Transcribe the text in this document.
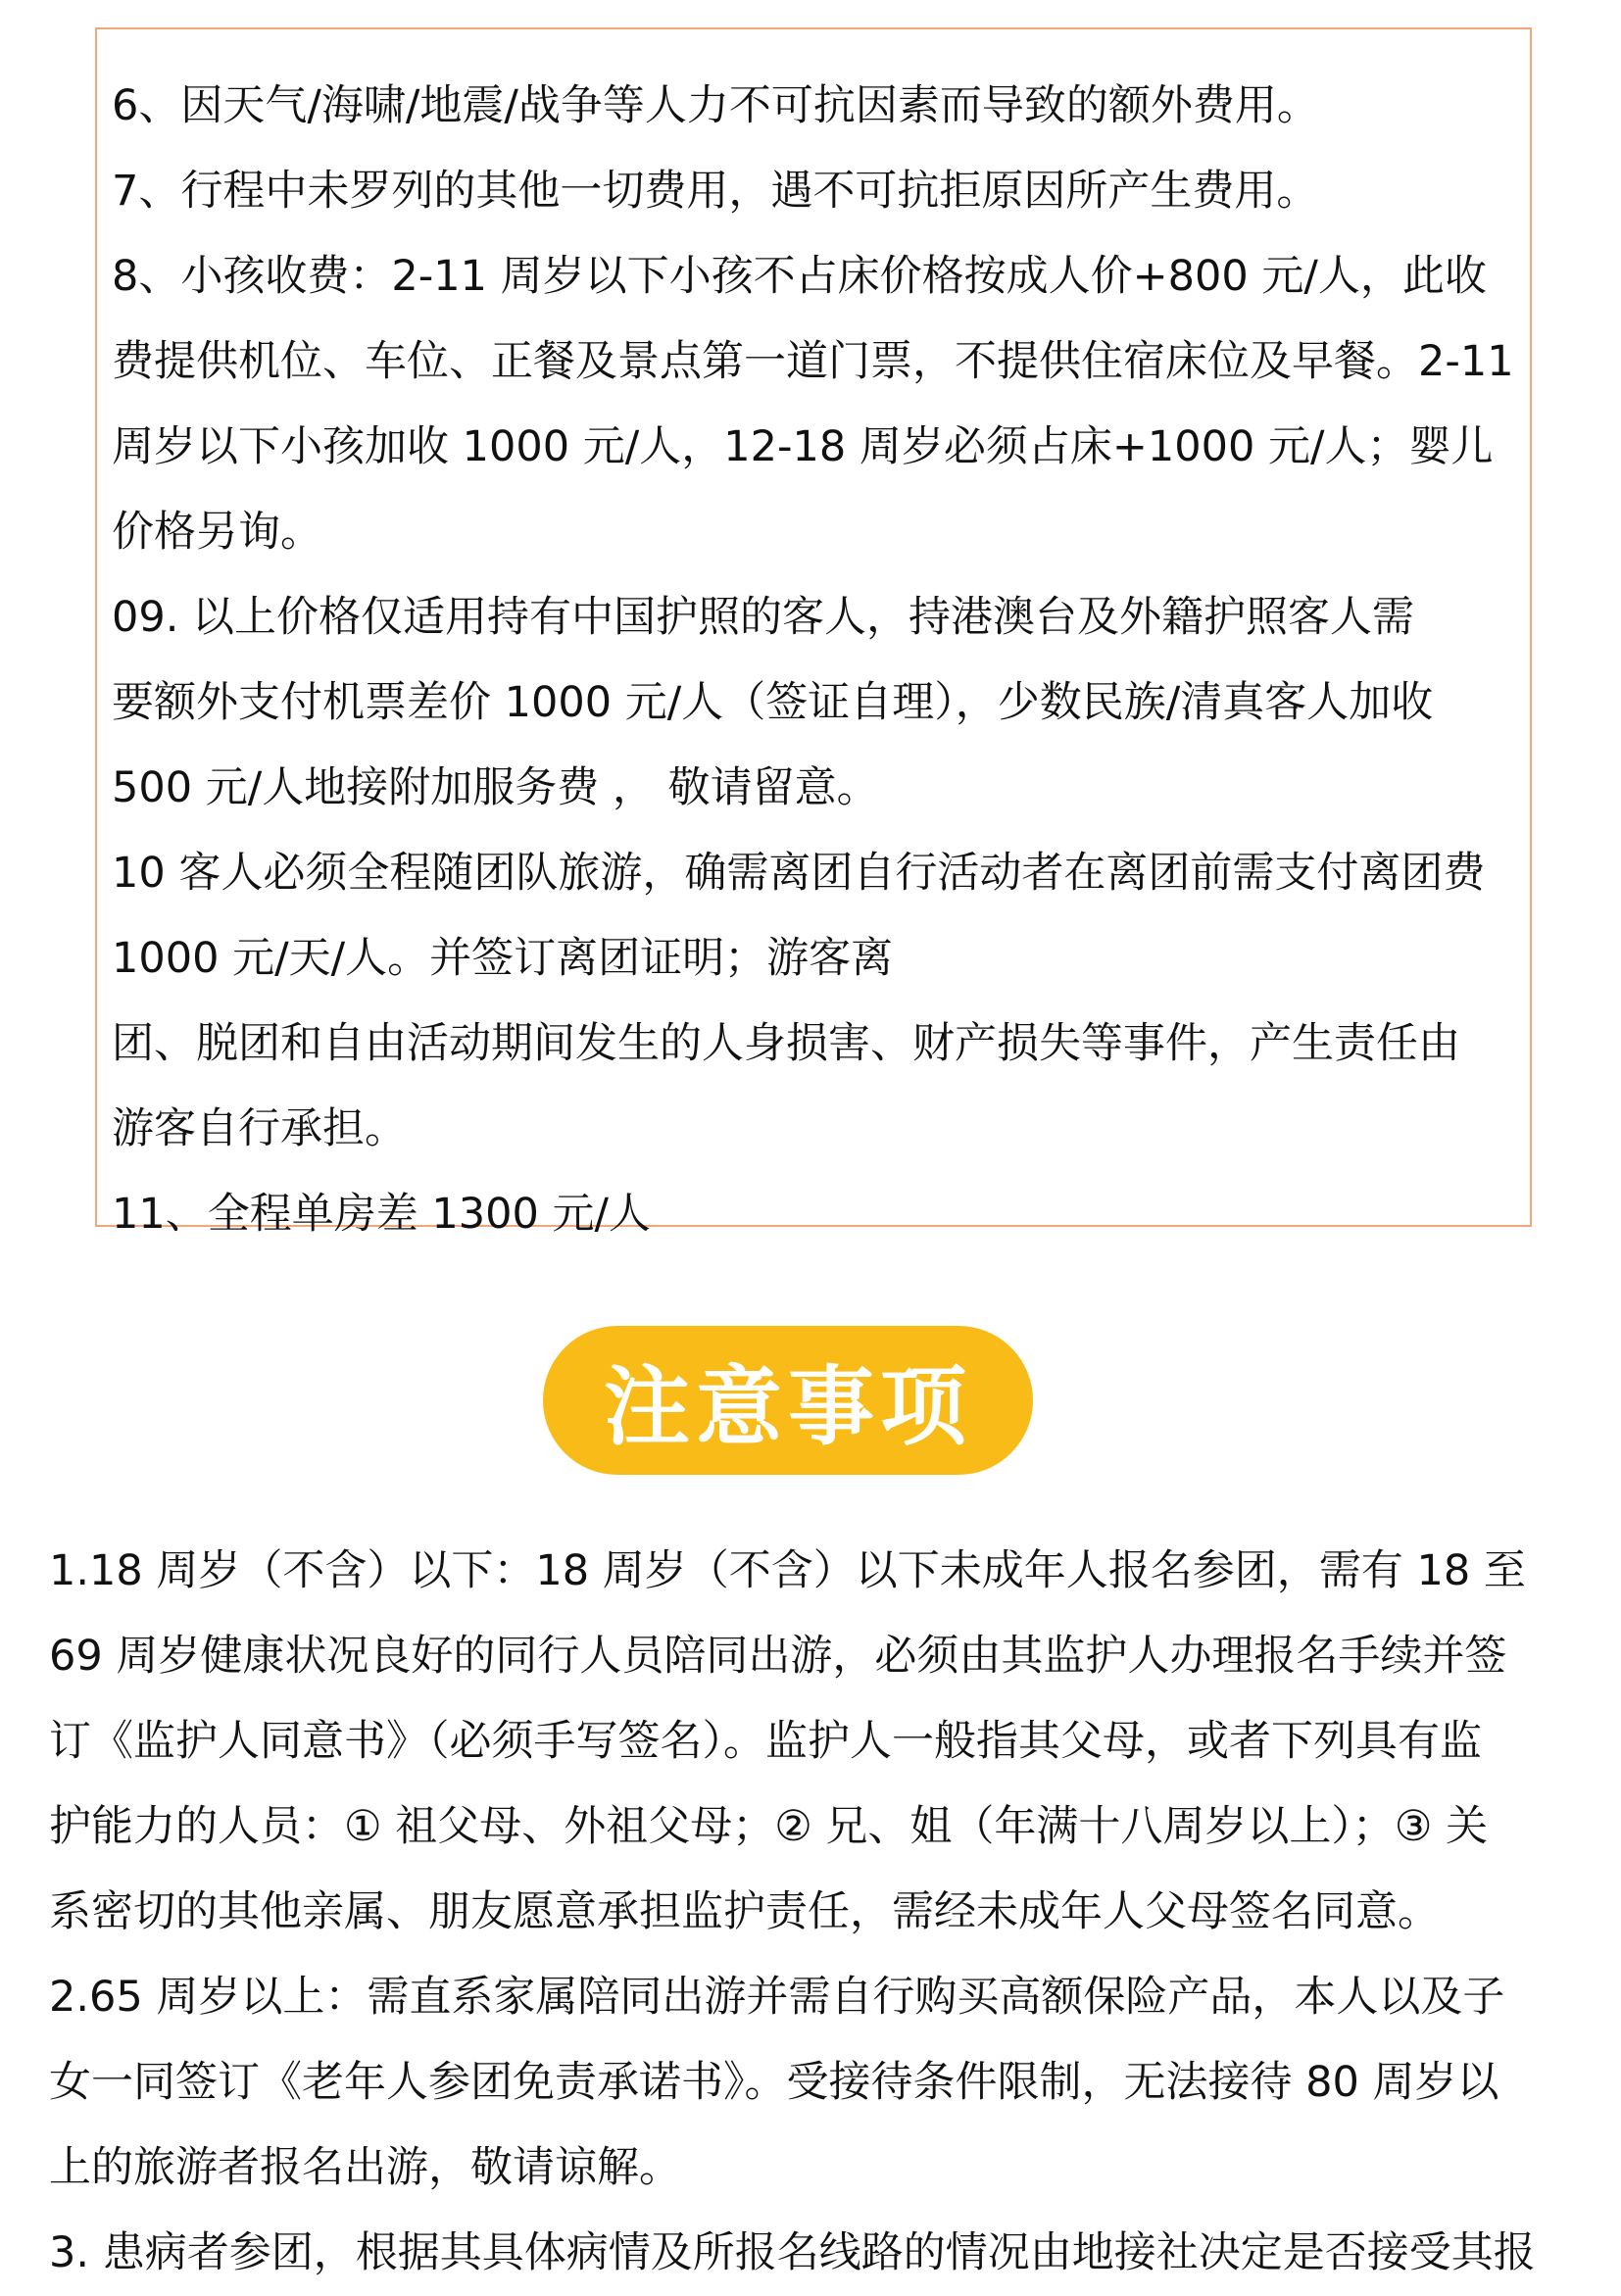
6、因天气/海啸/地震/战争等人力不可抗因素而导致的额外费用。
7、行程中未罗列的其他一切费用，遇不可抗拒原因所产生费用。
8、小孩收费：2-11 周岁以下小孩不占床价格按成人价+800 元/人，此收
费提供机位、车位、正餐及景点第一道门票，不提供住宿床位及早餐。2-11
周岁以下小孩加收 1000 元/人，12-18 周岁必须占床+1000 元/人；婴儿
价格另询。
09. 以上价格仅适用持有中国护照的客人，持港澳台及外籍护照客人需
要额外支付机票差价 1000 元/人（签证自理），少数民族/清真客人加收
500 元/人地接附加服务费 ， 敬请留意。
10 客人必须全程随团队旅游，确需离团自行活动者在离团前需支付离团费
1000 元/天/人。并签订离团证明；游客离
团、脱团和自由活动期间发生的人身损害、财产损失等事件，产生责任由
游客自行承担。
11、全程单房差 1300 元/人
注意事项
1.18 周岁（不含）以下：18 周岁（不含）以下未成年人报名参团，需有 18 至
69 周岁健康状况良好的同行人员陪同出游，必须由其监护人办理报名手续并签
订《监护人同意书》（必须手写签名）。监护人一般指其父母，或者下列具有监
护能力的人员：① 祖父母、外祖父母；② 兄、姐（年满十八周岁以上）；③ 关
系密切的其他亲属、朋友愿意承担监护责任，需经未成年人父母签名同意。
2.65 周岁以上：需直系家属陪同出游并需自行购买高额保险产品，本人以及子
女一同签订《老年人参团免责承诺书》。受接待条件限制，无法接待 80 周岁以
上的旅游者报名出游，敬请谅解。
3. 患病者参团，根据其具体病情及所报名线路的情况由地接社决定是否接受其报
